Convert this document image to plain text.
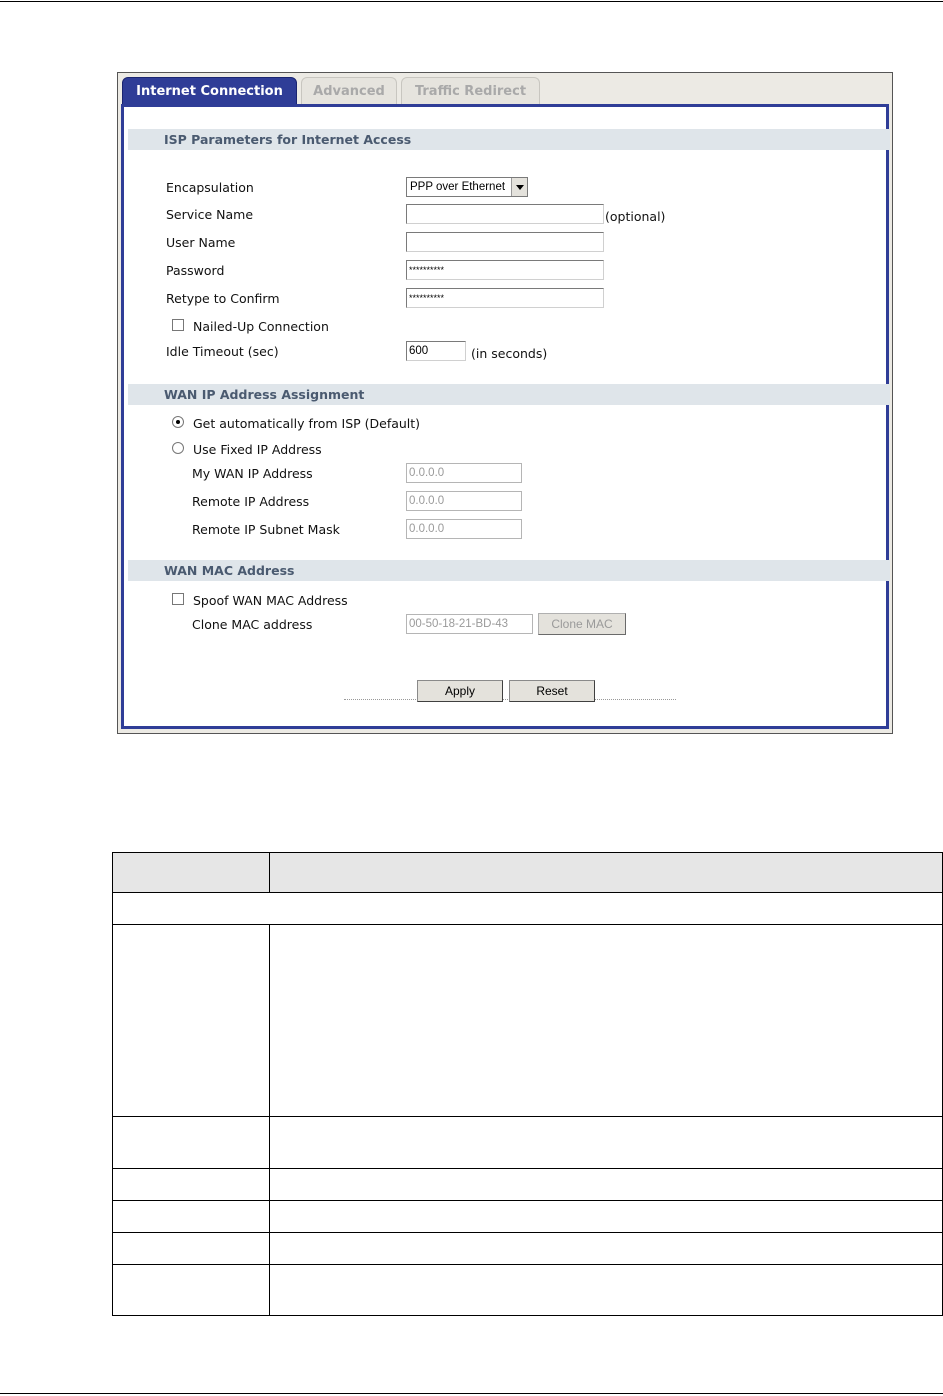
Internet Connection	Advanced	Traffic Redirect
ISP Parameters for Internet Access
Encapsulation	PPP over Ethernet
Service Name	(optional)
User Name
Password	**********
Retype to Confirm	**********
Nailed-Up Connection
Idle Timeout (sec)	600	(in seconds)
WAN IP Address Assignment
Get automatically from ISP (Default)
Use Fixed IP Address
My WAN IP Address	0.0.0.0
Remote IP Address	0.0.0.0
Remote IP Subnet Mask	0.0.0.0
WAN MAC Address
Spoof WAN MAC Address
Clone MAC address	00-50-18-21-BD-43	Clone MAC
Apply	Reset
